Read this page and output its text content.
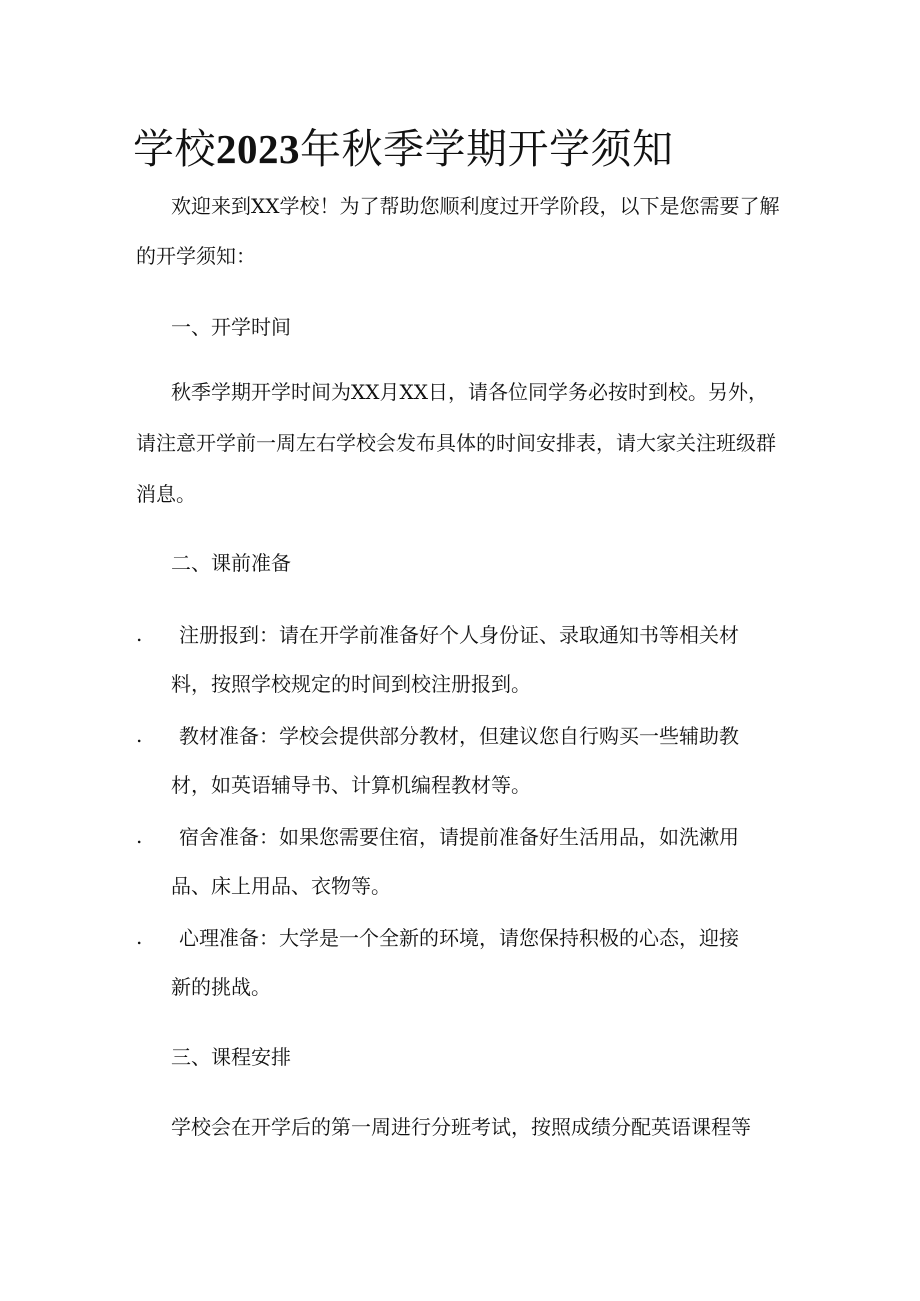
学校2023年秋季学期开学须知

欢迎来到XX学校！为了帮助您顺利度过开学阶段，以下是您需要了解

的开学须知：

一、开学时间

秋季学期开学时间为XX月XX日，请各位同学务必按时到校。另外，

请注意开学前一周左右学校会发布具体的时间安排表，请大家关注班级群

消息。

二、课前准备

. 注册报到：请在开学前准备好个人身份证、录取通知书等相关材

料，按照学校规定的时间到校注册报到。

. 教材准备：学校会提供部分教材，但建议您自行购买一些辅助教

材，如英语辅导书、计算机编程教材等。

. 宿舍准备：如果您需要住宿，请提前准备好生活用品，如洗漱用

品、床上用品、衣物等。

. 心理准备：大学是一个全新的环境，请您保持积极的心态，迎接

新的挑战。

三、课程安排

学校会在开学后的第一周进行分班考试，按照成绩分配英语课程等
